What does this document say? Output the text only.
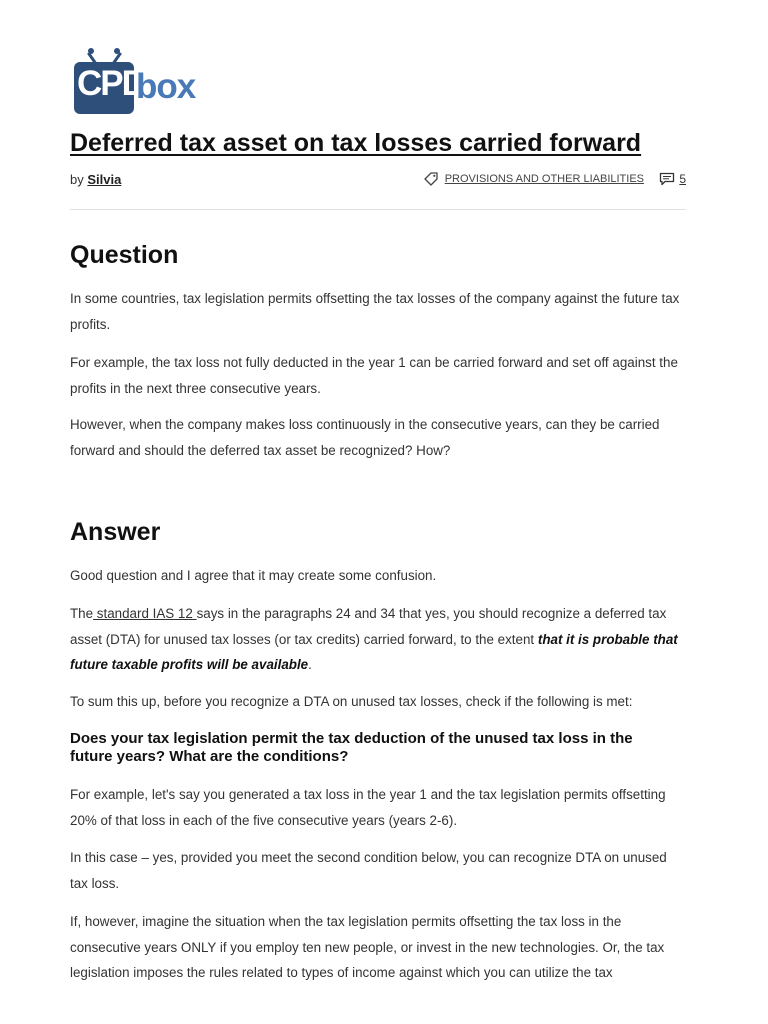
CPD
box
Deferred tax asset on tax losses carried forward
by Silvia	PROVISIONS AND OTHER LIABILITIES	5
Question

In some countries, tax legislation permits offsetting the tax losses of the company against the future tax profits.

For example, the tax loss not fully deducted in the year 1 can be carried forward and set off against the profits in the next three consecutive years.

However, when the company makes loss continuously in the consecutive years, can they be carried forward and should the deferred tax asset be recognized? How?

Answer

Good question and I agree that it may create some confusion.

The standard IAS 12 says in the paragraphs 24 and 34 that yes, you should recognize a deferred tax asset (DTA) for unused tax losses (or tax credits) carried forward, to the extent that it is probable that future taxable profits will be available.

To sum this up, before you recognize a DTA on unused tax losses, check if the following is met:

Does your tax legislation permit the tax deduction of the unused tax loss in the future years? What are the conditions?

For example, let's say you generated a tax loss in the year 1 and the tax legislation permits offsetting 20% of that loss in each of the five consecutive years (years 2-6).

In this case – yes, provided you meet the second condition below, you can recognize DTA on unused tax loss.

If, however, imagine the situation when the tax legislation permits offsetting the tax loss in the consecutive years ONLY if you employ ten new people, or invest in the new technologies. Or, the tax legislation imposes the rules related to types of income against which you can utilize the tax
